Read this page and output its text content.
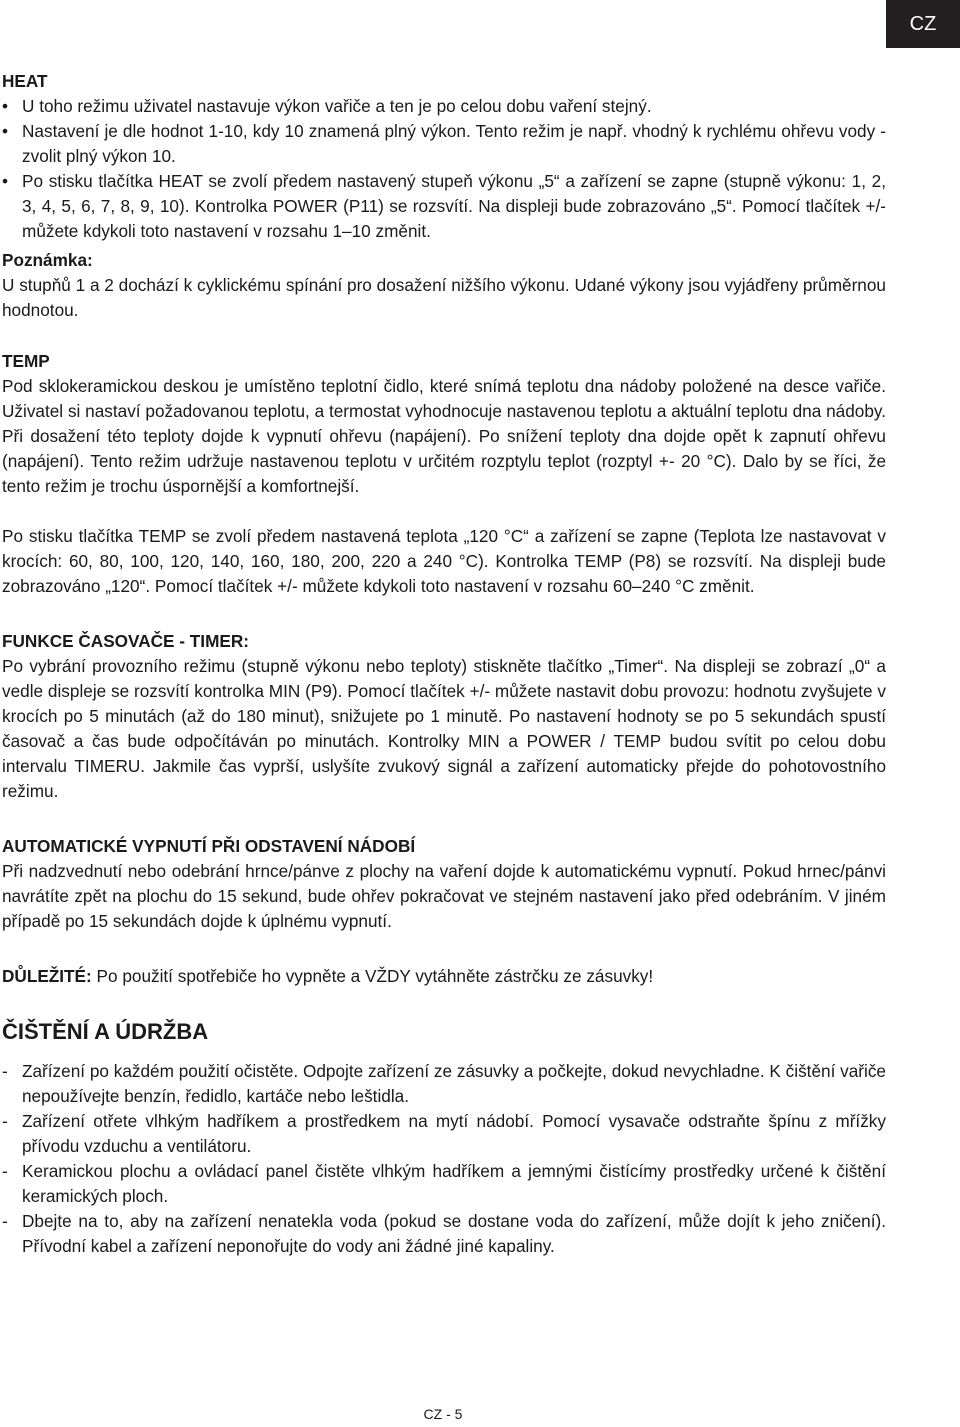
CZ
HEAT
• U toho režimu uživatel nastavuje výkon vařiče a ten je po celou dobu vaření stejný.
• Nastavení je dle hodnot 1-10, kdy 10 znamená plný výkon. Tento režim je např. vhodný k rychlému ohřevu vody - zvolit plný výkon 10.
• Po stisku tlačítka HEAT se zvolí předem nastavený stupeň výkonu „5“ a zařízení se zapne (stupně výkonu: 1, 2, 3, 4, 5, 6, 7, 8, 9, 10). Kontrolka POWER (P11) se rozsvítí. Na displeji bude zobrazováno „5“. Pomocí tlačítek +/- můžete kdykoli toto nastavení v rozsahu 1–10 změnit.
Poznámka:

U stupňů 1 a 2 dochází k cyklickému spínání pro dosažení nižšího výkonu. Udané výkony jsou vyjádřeny průměrnou hodnotou.

TEMP

Pod sklokeramickou deskou je umístěno teplotní čidlo, které snímá teplotu dna nádoby položené na desce vařiče. Uživatel si nastaví požadovanou teplotu, a termostat vyhodnocuje nastavenou teplotu a aktuální teplotu dna nádoby. Při dosažení této teploty dojde k vypnutí ohřevu (napájení). Po snížení teploty dna dojde opět k zapnutí ohřevu (napájení). Tento režim udržuje nastavenou teplotu v určitém rozptylu teplot (rozptyl +- 20 °C). Dalo by se říci, že tento režim je trochu úspornější a komfortnejší.

Po stisku tlačítka TEMP se zvolí předem nastavená teplota „120 °C“ a zařízení se zapne (Teplota lze nastavovat v krocích: 60, 80, 100, 120, 140, 160, 180, 200, 220 a 240 °C). Kontrolka TEMP (P8) se rozsvítí. Na displeji bude zobrazováno „120“. Pomocí tlačítek +/- můžete kdykoli toto nastavení v rozsahu 60–240 °C změnit.

FUNKCE ČASOVAČE - TIMER:

Po vybrání provozního režimu (stupně výkonu nebo teploty) stiskněte tlačítko „Timer“. Na displeji se zobrazí „0“ a vedle displeje se rozsvítí kontrolka MIN (P9). Pomocí tlačítek +/- můžete nastavit dobu provozu: hodnotu zvyšujete v krocích po 5 minutách (až do 180 minut), snižujete po 1 minutě. Po nastavení hodnoty se po 5 sekundách spustí časovač a čas bude odpočítáván po minutách. Kontrolky MIN a POWER / TEMP budou svítit po celou dobu intervalu TIMERU. Jakmile čas vyprší, uslyšíte zvukový signál a zařízení automaticky přejde do pohotovostního režimu.

AUTOMATICKÉ VYPNUTÍ PŘI ODSTAVENÍ NÁDOBÍ

Při nadzvednutí nebo odebrání hrnce/pánve z plochy na vaření dojde k automatickému vypnutí. Pokud hrnec/pánvi navrátíte zpět na plochu do 15 sekund, bude ohřev pokračovat ve stejném nastavení jako před odebráním. V jiném případě po 15 sekundách dojde k úplnému vypnutí.

DŮLEŽITÉ: Po použití spotřebiče ho vypněte a VŽDY vytáhněte zástrčku ze zásuvky!

ČIŠTĚNÍ A ÚDRŽBA
- Zařízení po každém použití očistěte. Odpojte zařízení ze zásuvky a počkejte, dokud nevychladne. K čištění vařiče nepoužívejte benzín, ředidlo, kartáče nebo leštidla.
- Zařízení otřete vlhkým hadříkem a prostředkem na mytí nádobí. Pomocí vysavače odstraňte špínu z mřížky přívodu vzduchu a ventilátoru.
- Keramickou plochu a ovládací panel čistěte vlhkým hadříkem a jemnými čistícímy prostředky určené k čištění keramických ploch.
- Dbejte na to, aby na zařízení nenatekla voda (pokud se dostane voda do zařízení, může dojít k jeho zničení). Přívodní kabel a zařízení neponořujte do vody ani žádné jiné kapaliny.
CZ - 5
